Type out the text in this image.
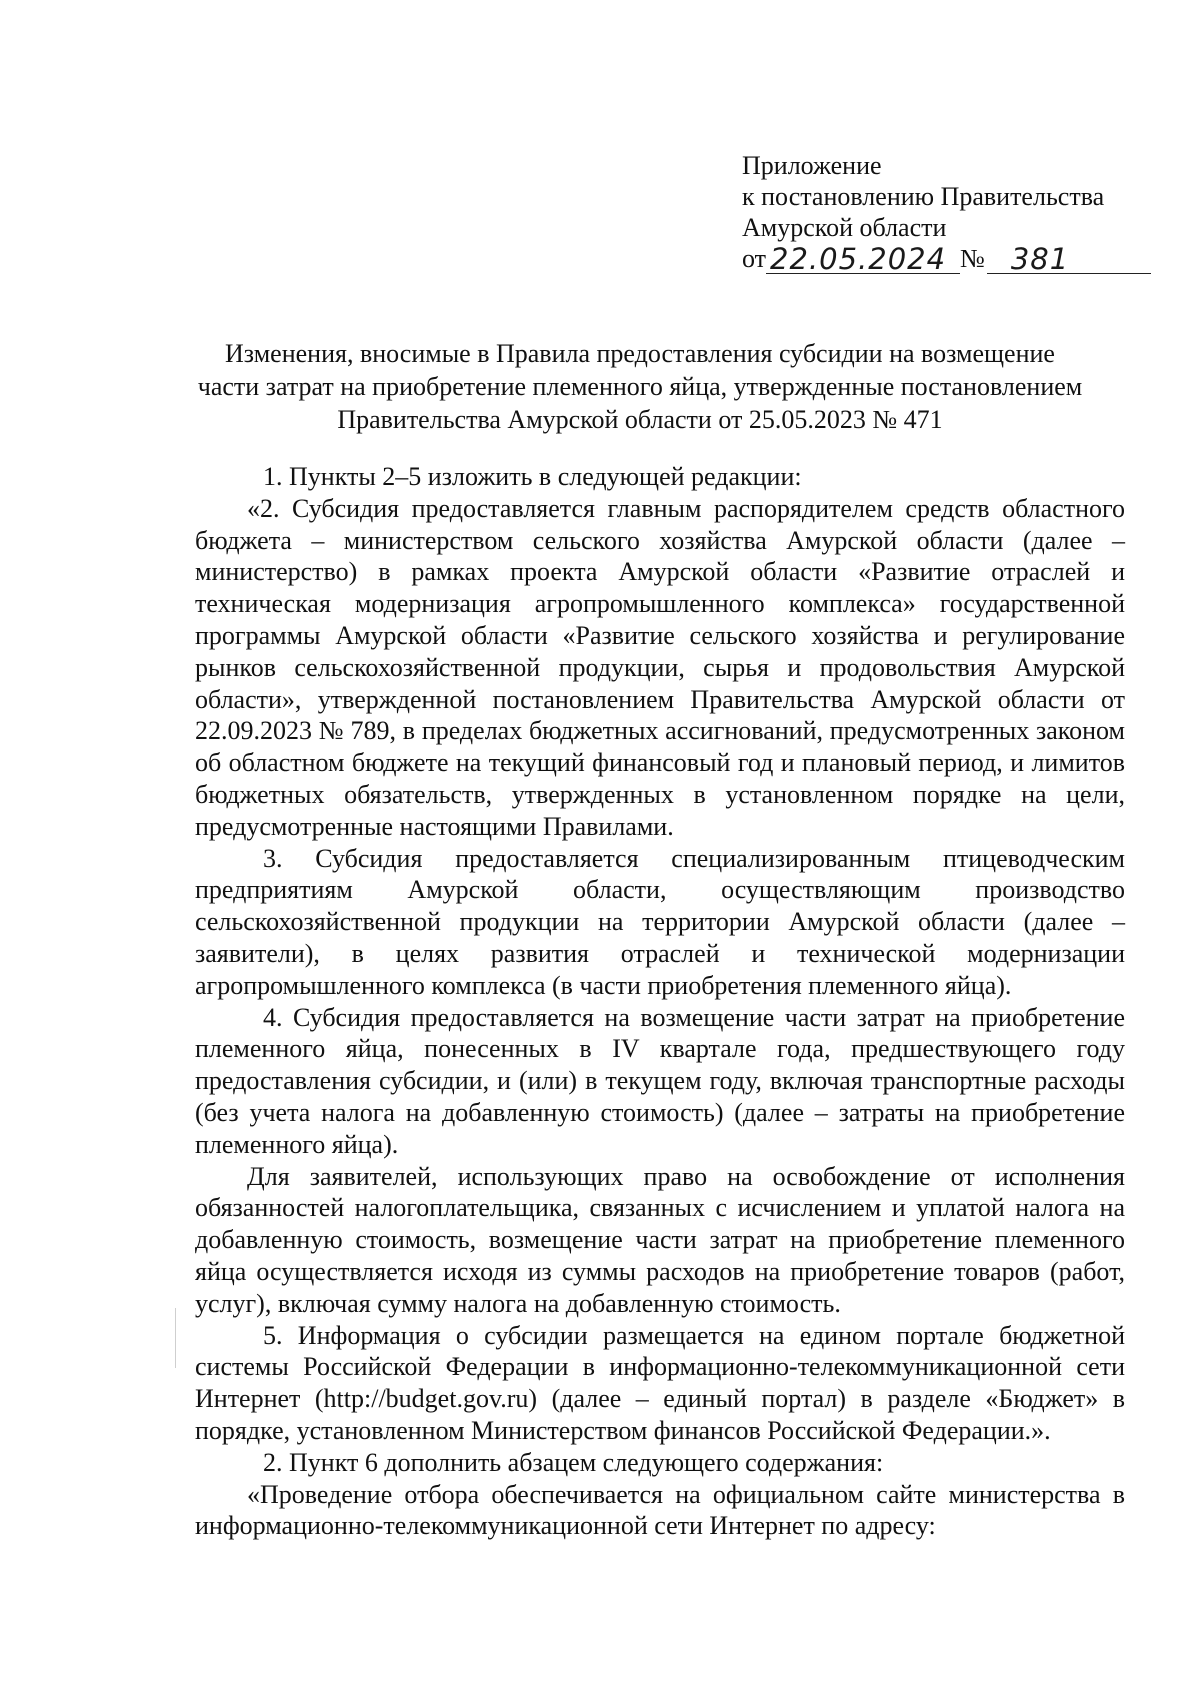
Приложение
к постановлению Правительства
Амурской области
от 22.05.2024 № 381
Изменения, вносимые в Правила предоставления субсидии на возмещение
части затрат на приобретение племенного яйца, утвержденные постановлением
Правительства Амурской области от 25.05.2023 № 471

1. Пункты 2–5 изложить в следующей редакции:

«2. Субсидия предоставляется главным распорядителем средств областного бюджета – министерством сельского хозяйства Амурской области (далее – министерство) в рамках проекта Амурской области «Развитие отраслей и техническая модернизация агропромышленного комплекса» государственной программы Амурской области «Развитие сельского хозяйства и регулирование рынков сельскохозяйственной продукции, сырья и продовольствия Амурской области», утвержденной постановлением Правительства Амурской области от 22.09.2023 № 789, в пределах бюджетных ассигнований, предусмотренных законом об областном бюджете на текущий финансовый год и плановый период, и лимитов бюджетных обязательств, утвержденных в установленном порядке на цели, предусмотренные настоящими Правилами.

3. Субсидия предоставляется специализированным птицеводческим предприятиям Амурской области, осуществляющим производство сельскохозяйственной продукции на территории Амурской области (далее – заявители), в целях развития отраслей и технической модернизации агропромышленного комплекса (в части приобретения племенного яйца).

4. Субсидия предоставляется на возмещение части затрат на приобретение племенного яйца, понесенных в IV квартале года, предшествующего году предоставления субсидии, и (или) в текущем году, включая транспортные расходы (без учета налога на добавленную стоимость) (далее – затраты на приобретение племенного яйца).

Для заявителей, использующих право на освобождение от исполнения обязанностей налогоплательщика, связанных с исчислением и уплатой налога на добавленную стоимость, возмещение части затрат на приобретение племенного яйца осуществляется исходя из суммы расходов на приобретение товаров (работ, услуг), включая сумму налога на добавленную стоимость.

5. Информация о субсидии размещается на едином портале бюджетной системы Российской Федерации в информационно-телекоммуникационной сети Интернет (http://budget.gov.ru) (далее – единый портал) в разделе «Бюджет» в порядке, установленном Министерством финансов Российской Федерации.».

2. Пункт 6 дополнить абзацем следующего содержания:

«Проведение отбора обеспечивается на официальном сайте министерства в информационно-телекоммуникационной сети Интернет по адресу:
